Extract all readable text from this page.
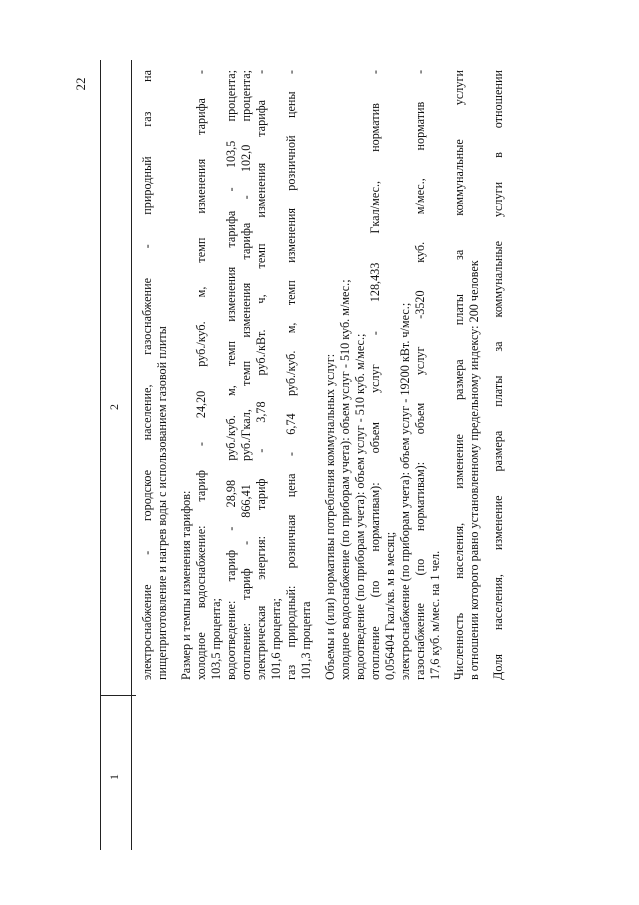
22
1
2 электроснабжение - городское население, газоснабжение - природный газ на пищеприготовление и нагрев воды с использованием газовой плиты Размер и темпы изменения тарифов: холодное водоснабжение: тариф - 24,20 руб./куб. м, темп изменения тарифа - 103,5 процента; водоотведение: тариф - 28,98 руб./куб. м, темп изменения тарифа - 103,5 процента; отопление: тариф - 866,41 руб./Гкал, темп изменения тарифа - 102,0 процента; электрическая энергия: тариф - 3,78 руб./кВт. ч, темп изменения тарифа - 101,6 процента; газ природный: розничная цена - 6,74 руб./куб. м, темп изменения розничной цены - 101,3 процента Объемы и (или) нормативы потребления коммунальных услуг: холодное водоснабжение (по приборам учета): объем услуг - 510 куб. м/мес.; водоотведение (по приборам учета): объем услуг - 510 куб. м/мес.; отопление (по нормативам): объем услуг - 128,433 Гкал/мес., норматив - 0,056404 Гкал/кв. м в месяц; электроснабжение (по приборам учета): объем услуг - 19200 кВт. ч/мес.; газоснабжение (по нормативам): объем услуг -3520 куб. м/мес., норматив - 17,6 куб. м/мес. на 1 чел. Численность населения, изменение размера платы за коммунальные услуги в отношении которого равно установленному предельному индексу: 200 человек Доля населения, изменение размера платы за коммунальные услуги в отношении
